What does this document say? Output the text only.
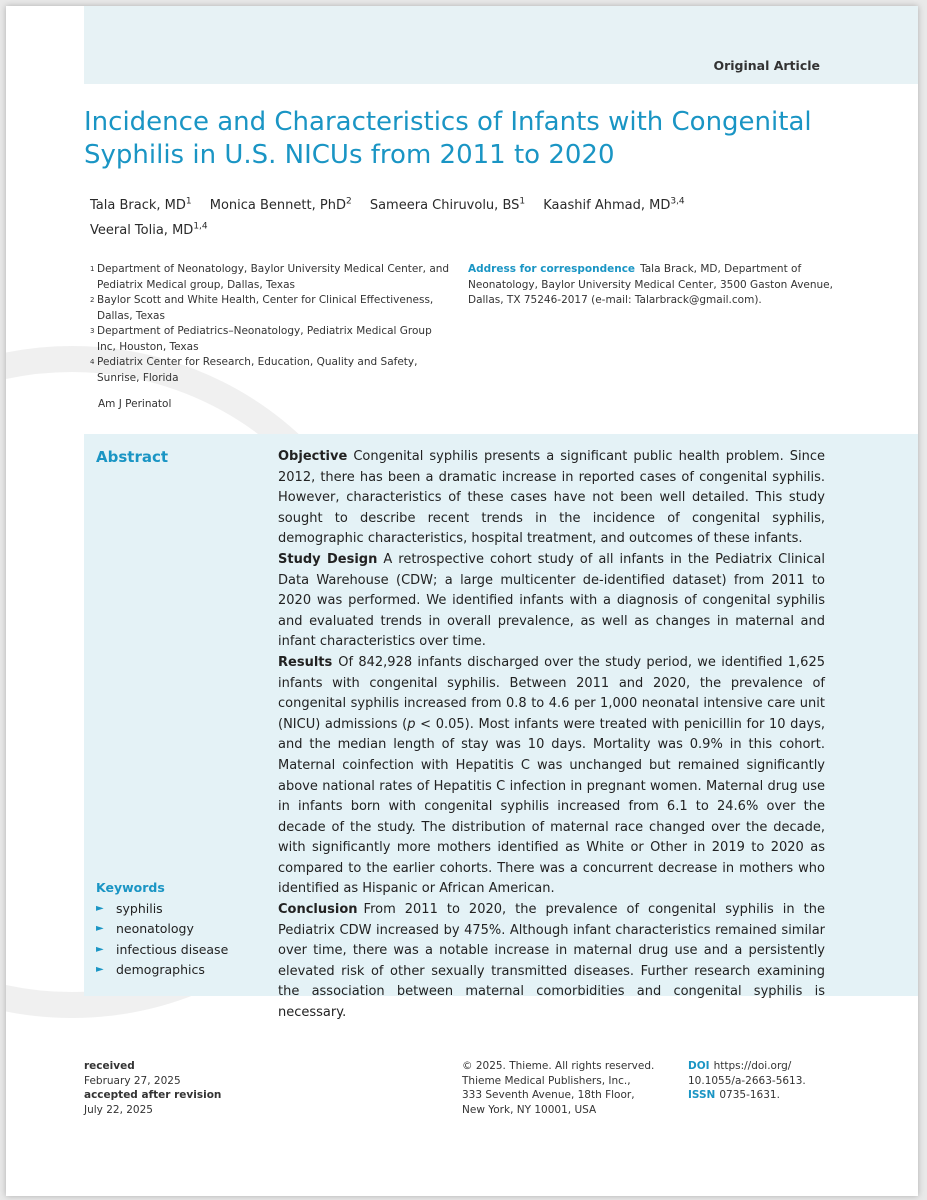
Original Article
Incidence and Characteristics of Infants with Congenital Syphilis in U.S. NICUs from 2011 to 2020
Tala Brack, $MD^1$ Monica Bennett, PhD$^2$ Sameera Chiruvolu, $BS^1$ Kaashif Ahmad, MD$^{3,4}$
Veeral Tolia, MD$^{1,4}$
1 Department of Neonatology, Baylor University Medical Center, and Pediatrix Medical group, Dallas, Texas
2 Baylor Scott and White Health, Center for Clinical Effectiveness, Dallas, Texas
3 Department of Pediatrics–Neonatology, Pediatrix Medical Group Inc, Houston, Texas
4 Pediatrix Center for Research, Education, Quality and Safety, Sunrise, Florida
Address for correspondence Tala Brack, MD, Department of Neonatology, Baylor University Medical Center, 3500 Gaston Avenue, Dallas, TX 75246-2017 (e-mail: Talarbrack@gmail.com).
Am J Perinatol
Abstract	Objective Congenital syphilis presents a significant public health problem. Since 2012, there has been a dramatic increase in reported cases of congenital syphilis. However, characteristics of these cases have not been well detailed. This study sought to describe recent trends in the incidence of congenital syphilis, demographic characteristics, hospital treatment, and outcomes of these infants.

Study Design A retrospective cohort study of all infants in the Pediatrix Clinical Data Warehouse (CDW; a large multicenter de-identified dataset) from 2011 to 2020 was performed. We identified infants with a diagnosis of congenital syphilis and evaluated trends in overall prevalence, as well as changes in maternal and infant characteristics over time.

Results Of 842,928 infants discharged over the study period, we identified 1,625 infants with congenital syphilis. Between 2011 and 2020, the prevalence of congenital syphilis increased from 0.8 to 4.6 per 1,000 neonatal intensive care unit (NICU) admissions (p < 0.05). Most infants were treated with penicillin for 10 days, and the median length of stay was 10 days. Mortality was 0.9% in this cohort. Maternal coinfection with Hepatitis C was unchanged but remained significantly above national rates of Hepatitis C infection in pregnant women. Maternal drug use in infants born with congenital syphilis increased from 6.1 to 24.6% over the decade of the study. The distribution of maternal race changed over the decade, with significantly more mothers identified as White or Other in 2019 to 2020 as compared to the earlier cohorts. There was a concurrent decrease in mothers who identified as Hispanic or African American.

Conclusion From 2011 to 2020, the prevalence of congenital syphilis in the Pediatrix CDW increased by 475%. Although infant characteristics remained similar over time, there was a notable increase in maternal drug use and a persistently elevated risk of other sexually transmitted diseases. Further research examining the association between maternal comorbidities and congenital syphilis is necessary.

Keywords
► syphilis
► neonatology
► infectious disease
► demographics
received
February 27, 2025
accepted after revision
July 22, 2025
© 2025. Thieme. All rights reserved.
Thieme Medical Publishers, Inc.,
333 Seventh Avenue, 18th Floor,
New York, NY 10001, USA
DOI https://doi.org/
10.1055/a-2663-5613.
ISSN 0735-1631.
